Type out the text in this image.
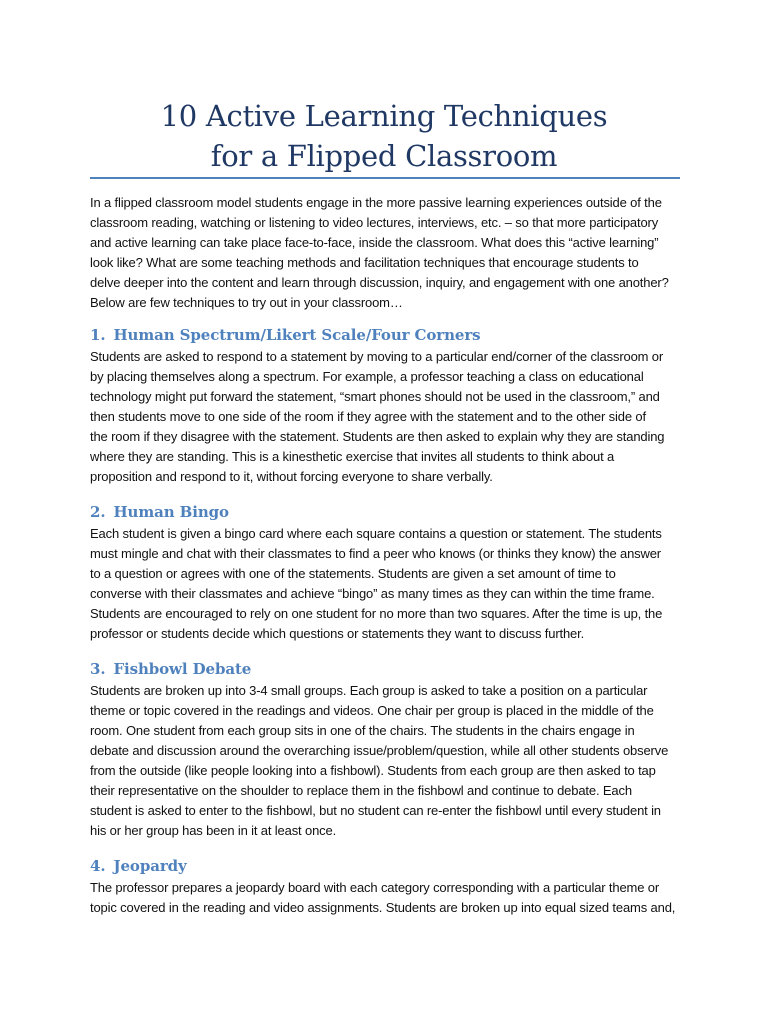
10 Active Learning Techniques
for a Flipped Classroom

In a flipped classroom model students engage in the more passive learning experiences outside of the
classroom reading, watching or listening to video lectures, interviews, etc. – so that more participatory
and active learning can take place face-to-face, inside the classroom. What does this “active learning”
look like? What are some teaching methods and facilitation techniques that encourage students to
delve deeper into the content and learn through discussion, inquiry, and engagement with one another?
Below are few techniques to try out in your classroom…

1. Human Spectrum/Likert Scale/Four Corners

Students are asked to respond to a statement by moving to a particular end/corner of the classroom or
by placing themselves along a spectrum. For example, a professor teaching a class on educational
technology might put forward the statement, “smart phones should not be used in the classroom,” and
then students move to one side of the room if they agree with the statement and to the other side of
the room if they disagree with the statement. Students are then asked to explain why they are standing
where they are standing. This is a kinesthetic exercise that invites all students to think about a
proposition and respond to it, without forcing everyone to share verbally.

2. Human Bingo

Each student is given a bingo card where each square contains a question or statement. The students
must mingle and chat with their classmates to find a peer who knows (or thinks they know) the answer
to a question or agrees with one of the statements. Students are given a set amount of time to
converse with their classmates and achieve “bingo” as many times as they can within the time frame.
Students are encouraged to rely on one student for no more than two squares. After the time is up, the
professor or students decide which questions or statements they want to discuss further.

3. Fishbowl Debate

Students are broken up into 3-4 small groups. Each group is asked to take a position on a particular
theme or topic covered in the readings and videos. One chair per group is placed in the middle of the
room. One student from each group sits in one of the chairs. The students in the chairs engage in
debate and discussion around the overarching issue/problem/question, while all other students observe
from the outside (like people looking into a fishbowl). Students from each group are then asked to tap
their representative on the shoulder to replace them in the fishbowl and continue to debate. Each
student is asked to enter to the fishbowl, but no student can re-enter the fishbowl until every student in
his or her group has been in it at least once.

4. Jeopardy

The professor prepares a jeopardy board with each category corresponding with a particular theme or
topic covered in the reading and video assignments. Students are broken up into equal sized teams and,
